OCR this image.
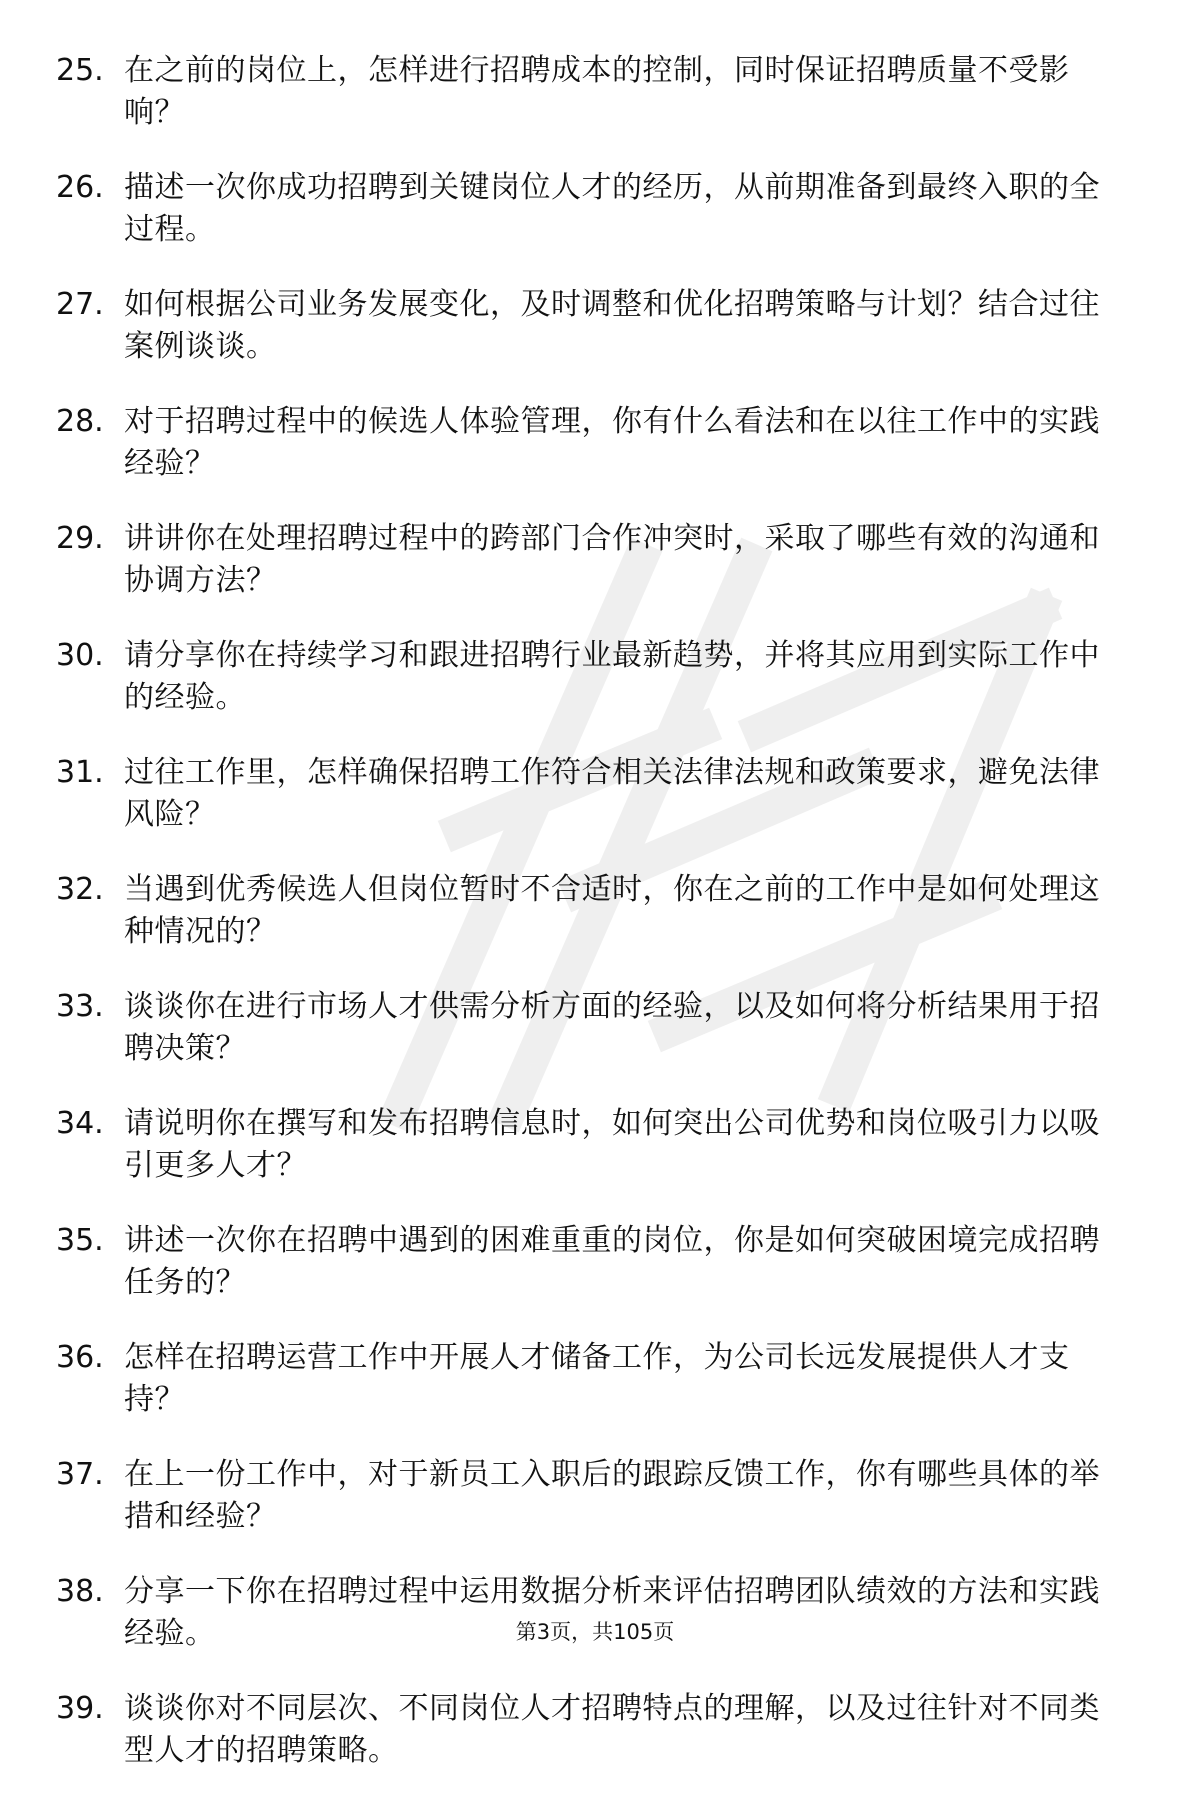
25. 在之前的岗位上，怎样进行招聘成本的控制，同时保证招聘质量不受影响？
26. 描述一次你成功招聘到关键岗位人才的经历，从前期准备到最终入职的全过程。
27. 如何根据公司业务发展变化，及时调整和优化招聘策略与计划？结合过往案例谈谈。
28. 对于招聘过程中的候选人体验管理，你有什么看法和在以往工作中的实践经验？
29. 讲讲你在处理招聘过程中的跨部门合作冲突时，采取了哪些有效的沟通和协调方法？
30. 请分享你在持续学习和跟进招聘行业最新趋势，并将其应用到实际工作中的经验。
31. 过往工作里，怎样确保招聘工作符合相关法律法规和政策要求，避免法律风险？
32. 当遇到优秀候选人但岗位暂时不合适时，你在之前的工作中是如何处理这种情况的？
33. 谈谈你在进行市场人才供需分析方面的经验，以及如何将分析结果用于招聘决策？
34. 请说明你在撰写和发布招聘信息时，如何突出公司优势和岗位吸引力以吸引更多人才？
35. 讲述一次你在招聘中遇到的困难重重的岗位，你是如何突破困境完成招聘任务的？
36. 怎样在招聘运营工作中开展人才储备工作，为公司长远发展提供人才支持？
37. 在上一份工作中，对于新员工入职后的跟踪反馈工作，你有哪些具体的举措和经验？
38. 分享一下你在招聘过程中运用数据分析来评估招聘团队绩效的方法和实践经验。
39. 谈谈你对不同层次、不同岗位人才招聘特点的理解，以及过往针对不同类型人才的招聘策略。
第3页，共105页
